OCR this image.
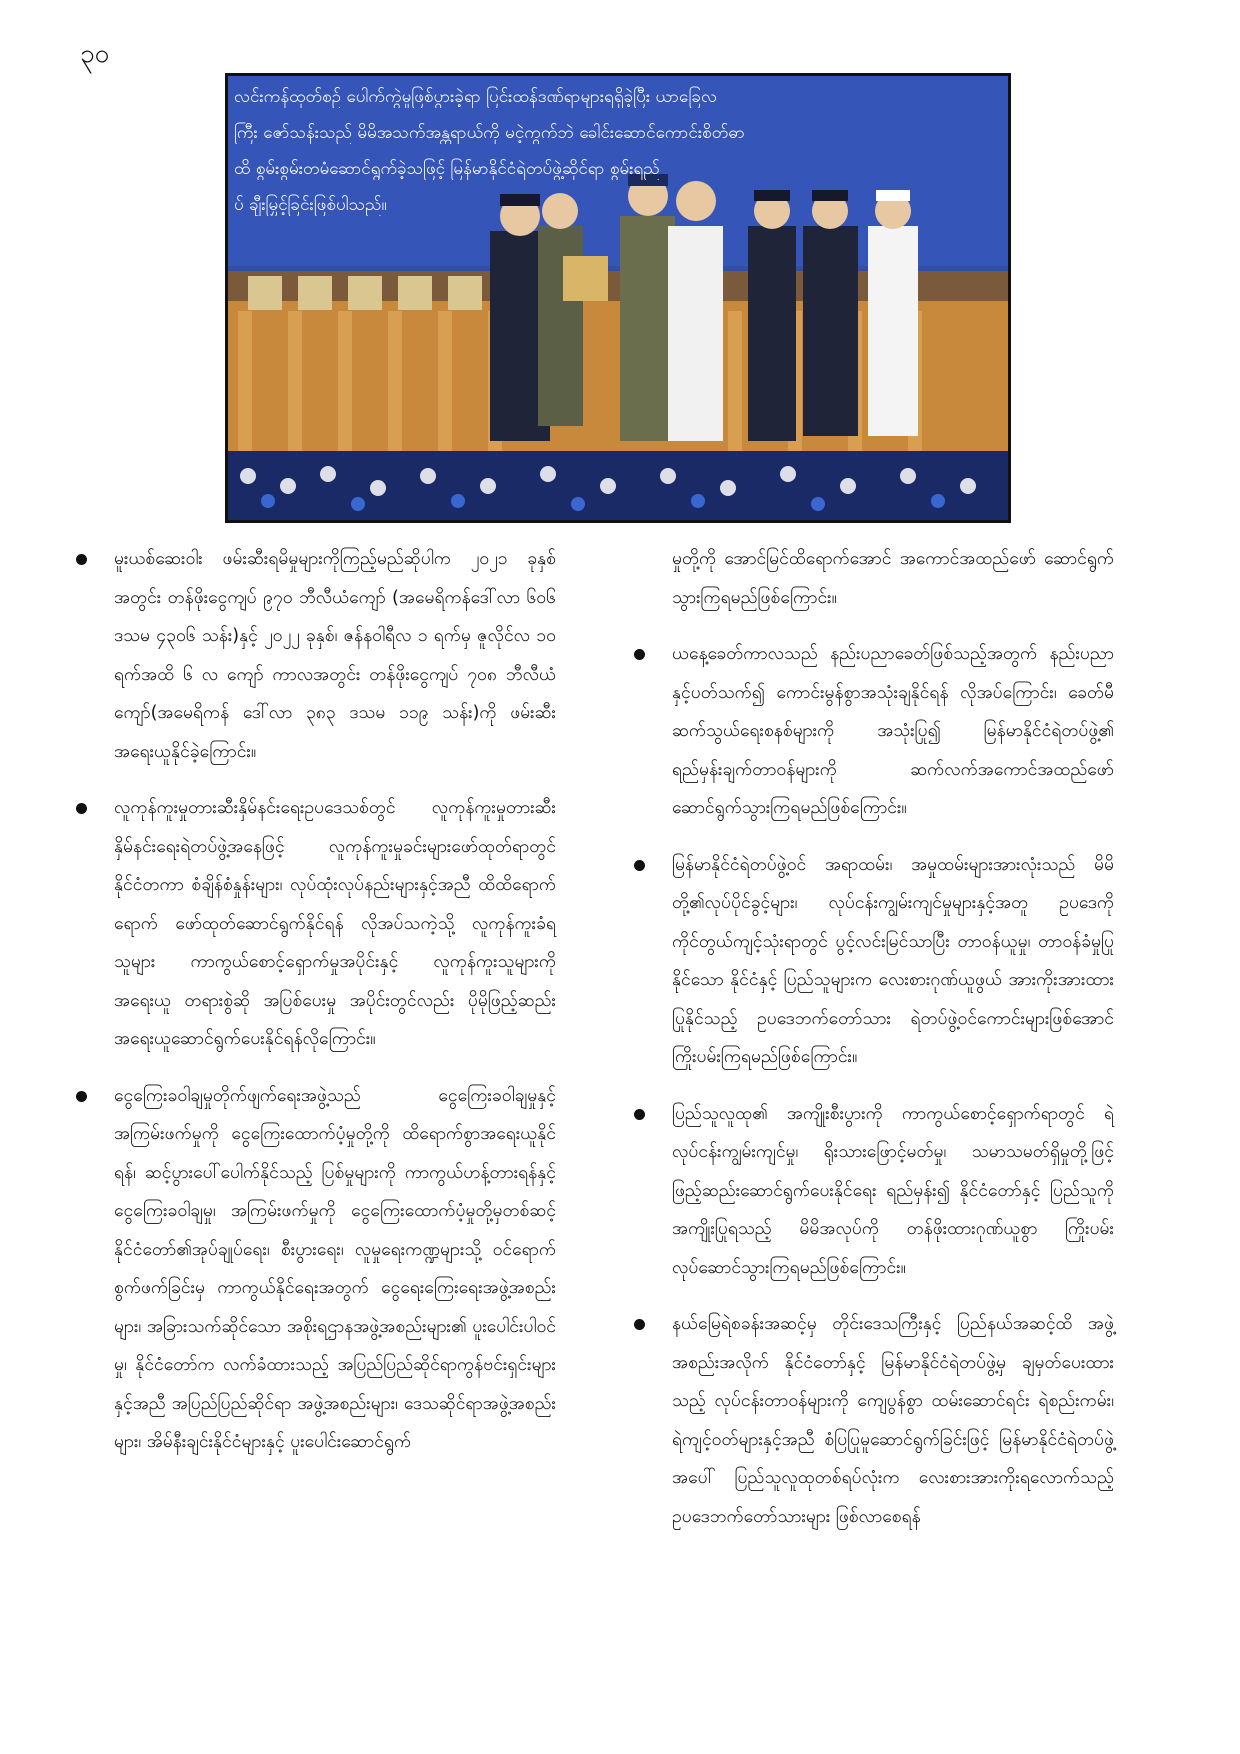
၃၀
လင်းကန်ထုတ်စဉ် ပေါက်ကွဲမှုဖြစ်ပွားခဲ့ရာ ပြင်းထန်ဒဏ်ရာများရရှိခဲ့ပြီး ယာခြေလ
ကြီး ဇော်သန်းသည် မိမိအသက်အန္တရာယ်ကို မငဲ့ကွက်ဘဲ ခေါင်းဆောင်ကောင်းစိတ်ဓာ
ထိ စွမ်းစွမ်းတမံဆောင်ရွက်ခဲ့သဖြင့် မြန်မာနိုင်ငံရဲတပ်ဖွဲ့ဆိုင်ရာ စွမ်းရည်
ပ် ချီးမြှင့်ခြင်းဖြစ်ပါသည်။
မူးယစ်ဆေးဝါး ဖမ်းဆီးရမိမှုများကိုကြည့်မည်ဆိုပါက ၂၀၂၁ ခုနှစ်အတွင်း တန်ဖိုးငွေကျပ် ၉၇၀ ဘီလီယံကျော် (အမေရိကန်ဒေါ်လာ ၆၀၆ ဒသမ ၄၃၀၆ သန်း)နှင့် ၂၀၂၂ ခုနှစ်၊ ဇန်နဝါရီလ ၁ ရက်မှ ဇူလိုင်လ ၁၀ ရက်အထိ ၆ လ ကျော် ကာလအတွင်း တန်ဖိုးငွေကျပ် ၇၀၈ ဘီလီယံကျော်(အမေရိကန် ဒေါ်လာ ၃၈၃ ဒသမ ၁၁၉ သန်း)ကို ဖမ်းဆီးအရေးယူနိုင်ခဲ့ကြောင်း။
လူကုန်ကူးမှုတားဆီးနှိမ်နင်းရေးဥပဒေသစ်တွင် လူကုန်ကူးမှုတားဆီးနှိမ်နင်းရေးရဲတပ်ဖွဲ့အနေဖြင့် လူကုန်ကူးမှုခင်းများဖော်ထုတ်ရာတွင် နိုင်ငံတကာ စံချိန်စံနှုန်းများ၊ လုပ်ထုံးလုပ်နည်းများနှင့်အညီ ထိထိရောက်ရောက် ဖော်ထုတ်ဆောင်ရွက်နိုင်ရန် လိုအပ်သကဲ့သို့ လူကုန်ကူးခံရသူများ ကာကွယ်စောင့်ရှောက်မှုအပိုင်းနှင့် လူကုန်ကူးသူများကို အရေးယူ တရားစွဲဆို အပြစ်ပေးမှု အပိုင်းတွင်လည်း ပိုမိုဖြည့်ဆည်းအရေးယူဆောင်ရွက်ပေးနိုင်ရန်လိုကြောင်း။
ငွေကြေးခဝါချမှုတိုက်ဖျက်ရေးအဖွဲ့သည် ငွေကြေးခဝါချမှုနှင့် အကြမ်းဖက်မှုကို ငွေကြေးထောက်ပံ့မှုတို့ကို ထိရောက်စွာအရေးယူနိုင်ရန်၊ ဆင့်ပွားပေါ်ပေါက်နိုင်သည့် ပြစ်မှုများကို ကာကွယ်ဟန့်တားရန်နှင့် ငွေကြေးခဝါချမှု၊ အကြမ်းဖက်မှုကို ငွေကြေးထောက်ပံ့မှုတို့မှတစ်ဆင့် နိုင်ငံတော်၏အုပ်ချုပ်ရေး၊ စီးပွားရေး၊ လူမှုရေးကဏ္ဍများသို့ ဝင်ရောက်စွက်ဖက်ခြင်းမှ ကာကွယ်နိုင်ရေးအတွက် ငွေရေးကြေးရေးအဖွဲ့အစည်းများ၊ အခြားသက်ဆိုင်သော အစိုးရဌာနအဖွဲ့အစည်းများ၏ ပူးပေါင်းပါဝင်မှု၊ နိုင်ငံတော်က လက်ခံထားသည့် အပြည်ပြည်ဆိုင်ရာကွန်ဗင်းရှင်းများနှင့်အညီ အပြည်ပြည်ဆိုင်ရာ အဖွဲ့အစည်းများ၊ ဒေသဆိုင်ရာအဖွဲ့အစည်းများ၊ အိမ်နီးချင်းနိုင်ငံများနှင့် ပူးပေါင်းဆောင်ရွက်

မှုတို့ကို အောင်မြင်ထိရောက်အောင် အကောင်အထည်ဖော် ဆောင်ရွက်သွားကြရမည်ဖြစ်ကြောင်း။

ယနေ့ခေတ်ကာလသည် နည်းပညာခေတ်ဖြစ်သည့်အတွက် နည်းပညာနှင့်ပတ်သက်၍ ကောင်းမွန်စွာအသုံးချနိုင်ရန် လိုအပ်ကြောင်း၊ ခေတ်မီဆက်သွယ်ရေးစနစ်များကို အသုံးပြု၍ မြန်မာနိုင်ငံရဲတပ်ဖွဲ့၏ ရည်မှန်းချက်တာဝန်များကို ဆက်လက်အကောင်အထည်ဖော် ဆောင်ရွက်သွားကြရမည်ဖြစ်ကြောင်း။
မြန်မာနိုင်ငံရဲတပ်ဖွဲ့ဝင် အရာထမ်း၊ အမှုထမ်းများအားလုံးသည် မိမိတို့၏လုပ်ပိုင်ခွင့်များ၊ လုပ်ငန်းကျွမ်းကျင်မှုများနှင့်အတူ ဥပဒေကို ကိုင်တွယ်ကျင့်သုံးရာတွင် ပွင့်လင်းမြင်သာပြီး တာဝန်ယူမှု၊ တာဝန်ခံမှုပြုနိုင်သော နိုင်ငံနှင့် ပြည်သူများက လေးစားဂုဏ်ယူဖွယ် အားကိုးအားထားပြုနိုင်သည့် ဥပဒေဘက်တော်သား ရဲတပ်ဖွဲ့ဝင်ကောင်းများဖြစ်အောင် ကြိုးပမ်းကြရမည်ဖြစ်ကြောင်း။
ပြည်သူလူထု၏ အကျိုးစီးပွားကို ကာကွယ်စောင့်ရှောက်ရာတွင် ရဲလုပ်ငန်းကျွမ်းကျင်မှု၊ ရိုးသားဖြောင့်မတ်မှု၊ သမာသမတ်ရှိမှုတို့ဖြင့် ဖြည့်ဆည်းဆောင်ရွက်ပေးနိုင်ရေး ရည်မှန်း၍ နိုင်ငံတော်နှင့် ပြည်သူကို အကျိုးပြုရသည့် မိမိအလုပ်ကို တန်ဖိုးထားဂုဏ်ယူစွာ ကြိုးပမ်းလုပ်ဆောင်သွားကြရမည်ဖြစ်ကြောင်း။
နယ်မြေရဲစခန်းအဆင့်မှ တိုင်းဒေသကြီးနှင့် ပြည်နယ်အဆင့်ထိ အဖွဲ့အစည်းအလိုက် နိုင်ငံတော်နှင့် မြန်မာနိုင်ငံရဲတပ်ဖွဲ့မှ ချမှတ်ပေးထားသည့် လုပ်ငန်းတာဝန်များကို ကျေပွန်စွာ ထမ်းဆောင်ရင်း ရဲစည်းကမ်း၊ ရဲကျင့်ဝတ်များနှင့်အညီ စံပြပြုမူဆောင်ရွက်ခြင်းဖြင့် မြန်မာနိုင်ငံရဲတပ်ဖွဲ့အပေါ် ပြည်သူလူထုတစ်ရပ်လုံးက လေးစားအားကိုးရလောက်သည့် ဥပဒေဘက်တော်သားများ ဖြစ်လာစေရန်
